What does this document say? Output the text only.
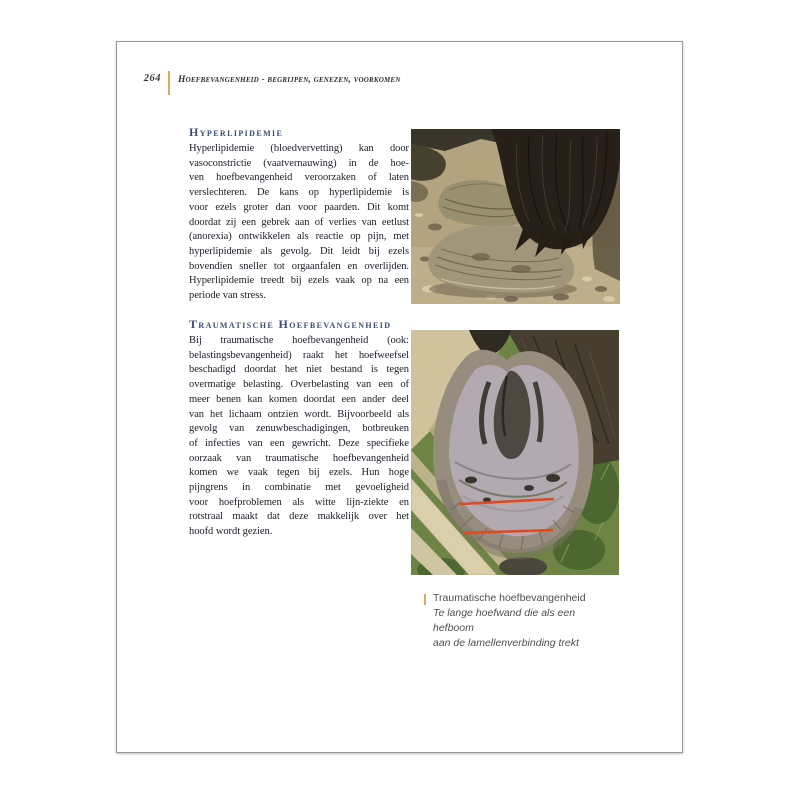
264 Hoefbevangenheid - begrijpen, genezen, voorkomen
Hyperlipidemie
Hyperlipidemie (bloedvervetting) kan door
vasoconstrictie (vaatvernauwing) in de hoe-
ven hoefbevangenheid veroorzaken of laten
verslechteren. De kans op hyperlipidemie is
voor ezels groter dan voor paarden. Dit komt
doordat zij een gebrek aan of verlies van eetlust
(anorexia) ontwikkelen als reactie op pijn, met
hyperlipidemie als gevolg. Dit leidt bij ezels
bovendien sneller tot orgaanfalen en overlijden.
Hyperlipidemie treedt bij ezels vaak op na een
periode van stress.
Traumatische Hoefbevangenheid
Bij traumatische hoefbevangenheid (ook:
belastingsbevangenheid) raakt het hoefweefsel
beschadigd doordat het niet bestand is tegen
overmatige belasting. Overbelasting van een of
meer benen kan komen doordat een ander deel
van het lichaam ontzien wordt. Bijvoorbeeld als
gevolg van zenuwbeschadigingen, botbreuken
of infecties van een gewricht. Deze specifieke
oorzaak van traumatische hoefbevangenheid
komen we vaak tegen bij ezels. Hun hoge
pijngrens in combinatie met gevoeligheid
voor hoefproblemen als witte lijn-ziekte en
rotstraal maakt dat deze makkelijk over het
hoofd wordt gezien.
Traumatische hoefbevangenheid
Te lange hoefwand die als een hefboom
aan de lamellenverbinding trekt
